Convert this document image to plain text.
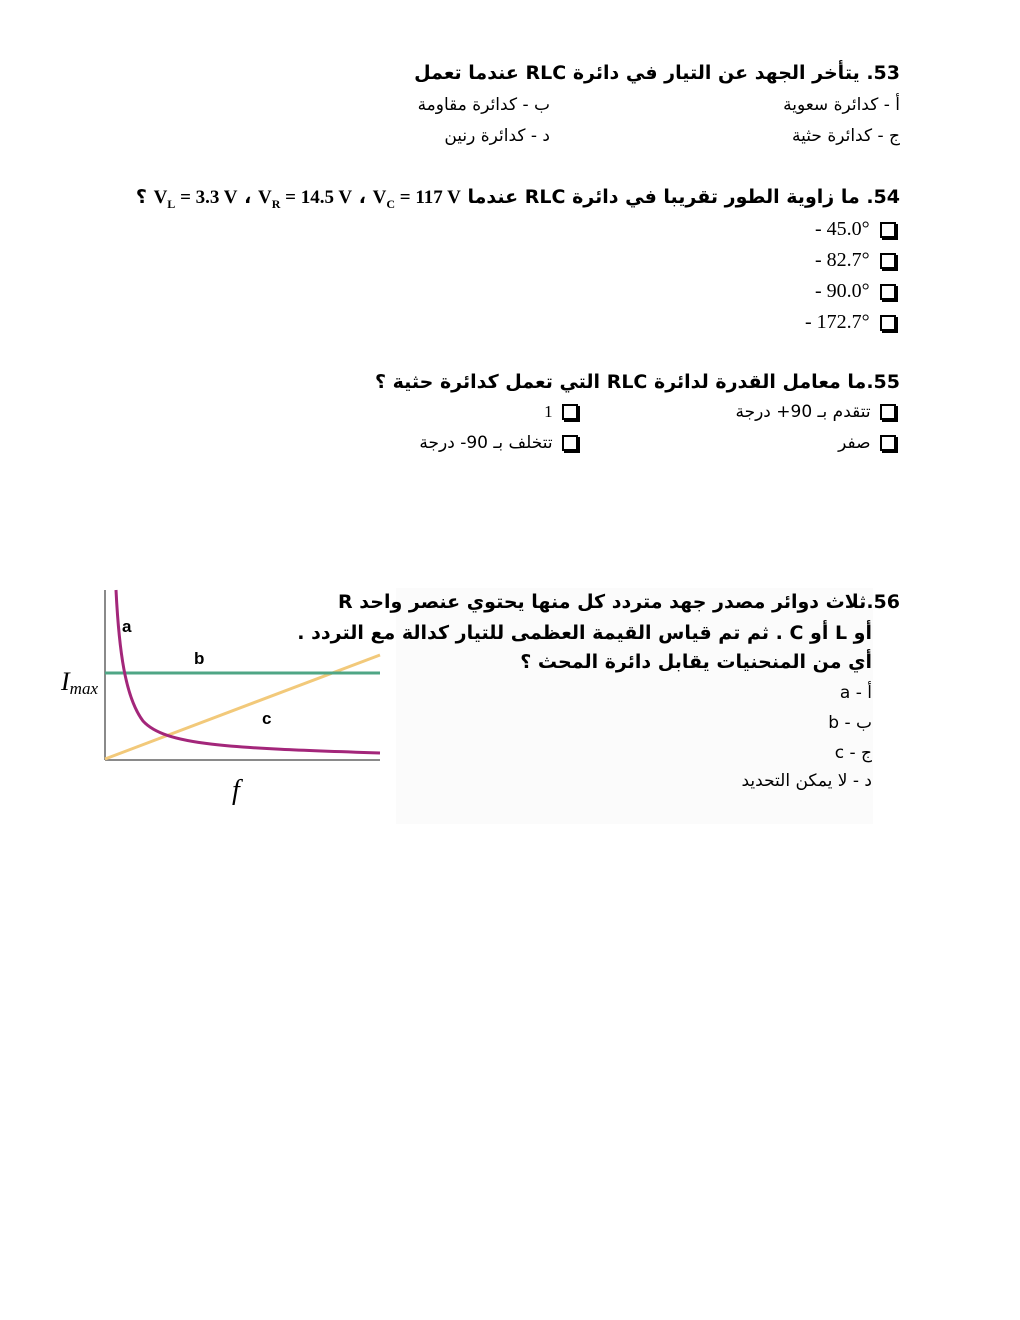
53. يتأخر الجهد عن التيار في دائرة RLC عندما تعمل
أ - كدائرة سعوية
ب - كدائرة مقاومة
ج - كدائرة حثية
د - كدائرة رنين
54. ما زاوية الطور تقريبا في دائرة RLC عندما $V_C = 117$ V ، $V_R = 14.5$ V ، $V_L = 3.3$ V ؟
- 45.0°
- 82.7°
- 90.0°
- 172.7°
55.ما معامل القدرة لدائرة RLC التي تعمل كدائرة حثية ؟
تتقدم بـ 90+ درجة
1
صفر
تتخلف بـ 90- درجة
56.ثلاث دوائر مصدر جهد متردد كل منها يحتوي عنصر واحد R
أو L أو C . ثم تم قياس القيمة العظمى للتيار كدالة مع التردد .
أي من المنحنيات يقابل دائرة المحث ؟
أ - a
ب - b
ج - c
د - لا يمكن التحديد
a
b
c
Imax
f
